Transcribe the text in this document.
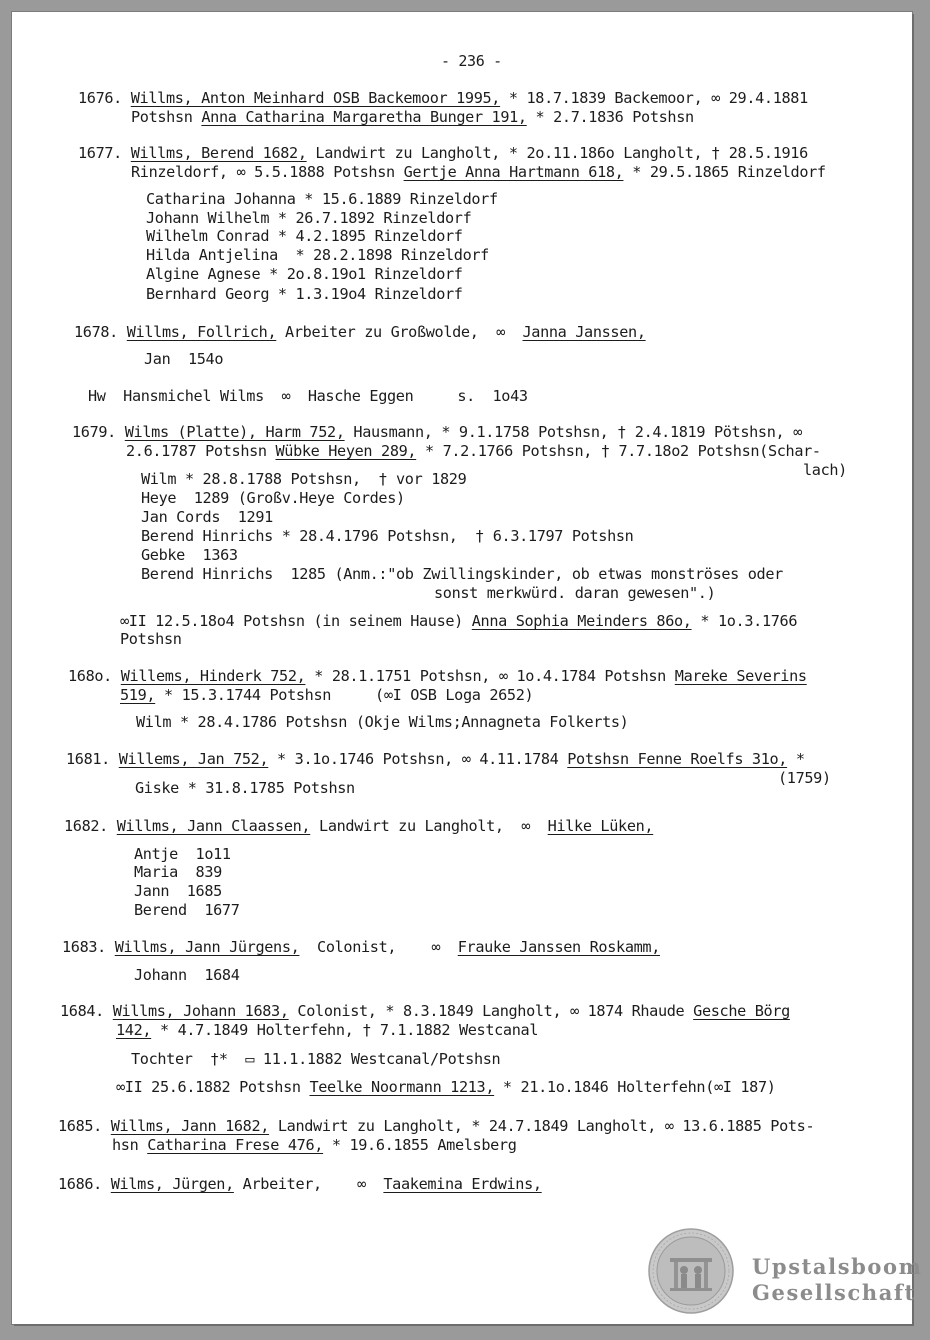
- 236 -
1676. Willms, Anton Meinhard OSB Backemoor 1995, * 18.7.1839 Backemoor, ∞ 29.4.1881
Potshsn Anna Catharina Margaretha Bunger 191, * 2.7.1836 Potshsn
1677. Willms, Berend 1682, Landwirt zu Langholt, * 2o.11.186o Langholt, † 28.5.1916
Rinzeldorf, ∞ 5.5.1888 Potshsn Gertje Anna Hartmann 618, * 29.5.1865 Rinzeldorf
Catharina Johanna * 15.6.1889 Rinzeldorf
Johann Wilhelm * 26.7.1892 Rinzeldorf
Wilhelm Conrad * 4.2.1895 Rinzeldorf
Hilda Antjelina  * 28.2.1898 Rinzeldorf
Algine Agnese * 2o.8.19o1 Rinzeldorf
Bernhard Georg * 1.3.19o4 Rinzeldorf
1678. Willms, Follrich, Arbeiter zu Großwolde,  ∞  Janna Janssen,
Jan  154o
Hw  Hansmichel Wilms  ∞  Hasche Eggen     s.  1o43
1679. Wilms (Platte), Harm 752, Hausmann, * 9.1.1758 Potshsn, † 2.4.1819 Pötshsn, ∞
2.6.1787 Potshsn Wübke Heyen 289, * 7.2.1766 Potshsn, † 7.7.18o2 Potshsn(Schar-
lach)
Wilm * 28.8.1788 Potshsn,  † vor 1829
Heye  1289 (Großv.Heye Cordes)
Jan Cords  1291
Berend Hinrichs * 28.4.1796 Potshsn,  † 6.3.1797 Potshsn
Gebke  1363
Berend Hinrichs  1285 (Anm.:"ob Zwillingskinder, ob etwas monströses oder
sonst merkwürd. daran gewesen".)
∞II 12.5.18o4 Potshsn (in seinem Hause) Anna Sophia Meinders 86o, * 1o.3.1766
Potshsn
168o. Willems, Hinderk 752, * 28.1.1751 Potshsn, ∞ 1o.4.1784 Potshsn Mareke Severins
519, * 15.3.1744 Potshsn     (∞I OSB Loga 2652)
Wilm * 28.4.1786 Potshsn (Okje Wilms;Annagneta Folkerts)
1681. Willems, Jan 752, * 3.1o.1746 Potshsn, ∞ 4.11.1784 Potshsn Fenne Roelfs 31o, *
(1759)
Giske * 31.8.1785 Potshsn
1682. Willms, Jann Claassen, Landwirt zu Langholt,  ∞  Hilke Lüken,
Antje  1o11
Maria  839
Jann  1685
Berend  1677
1683. Willms, Jann Jürgens,  Colonist,    ∞  Frauke Janssen Roskamm,
Johann  1684
1684. Willms, Johann 1683, Colonist, * 8.3.1849 Langholt, ∞ 1874 Rhaude Gesche Börg
142, * 4.7.1849 Holterfehn, † 7.1.1882 Westcanal
Tochter  †*  ▭ 11.1.1882 Westcanal/Potshsn
∞II 25.6.1882 Potshsn Teelke Noormann 1213, * 21.1o.1846 Holterfehn(∞I 187)
1685. Willms, Jann 1682, Landwirt zu Langholt, * 24.7.1849 Langholt, ∞ 13.6.1885 Pots-
hsn Catharina Frese 476, * 19.6.1855 Amelsberg
1686. Wilms, Jürgen, Arbeiter,    ∞  Taakemina Erdwins,
Upstalsboom
Gesellschaft
